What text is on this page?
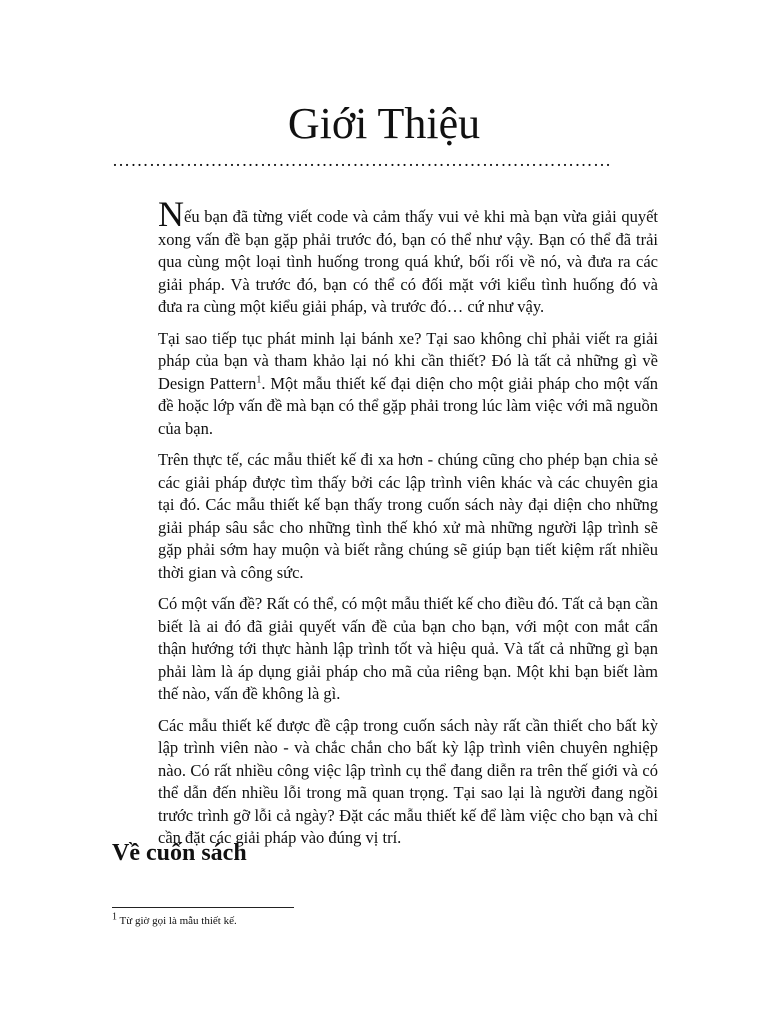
Giới Thiệu
………………………………………………………………………

Nếu bạn đã từng viết code và cảm thấy vui vẻ khi mà bạn vừa giải quyết xong vấn đề bạn gặp phải trước đó, bạn có thể như vậy. Bạn có thể đã trải qua cùng một loại tình huống trong quá khứ, bối rối về nó, và đưa ra các giải pháp. Và trước đó, bạn có thể có đối mặt với kiểu tình huống đó và đưa ra cùng một kiểu giải pháp, và trước đó… cứ như vậy.

Tại sao tiếp tục phát minh lại bánh xe? Tại sao không chỉ phải viết ra giải pháp của bạn và tham khảo lại nó khi cần thiết? Đó là tất cả những gì về Design Pattern$^1$. Một mẫu thiết kế đại diện cho một giải pháp cho một vấn đề hoặc lớp vấn đề mà bạn có thể gặp phải trong lúc làm việc với mã nguồn của bạn.

Trên thực tế, các mẫu thiết kế đi xa hơn - chúng cũng cho phép bạn chia sẻ các giải pháp được tìm thấy bởi các lập trình viên khác và các chuyên gia tại đó. Các mẫu thiết kế bạn thấy trong cuốn sách này đại diện cho những giải pháp sâu sắc cho những tình thế khó xử mà những người lập trình sẽ gặp phải sớm hay muộn và biết rằng chúng sẽ giúp bạn tiết kiệm rất nhiều thời gian và công sức.

Có một vấn đề? Rất có thể, có một mẫu thiết kế cho điều đó. Tất cả bạn cần biết là ai đó đã giải quyết vấn đề của bạn cho bạn, với một con mắt cẩn thận hướng tới thực hành lập trình tốt và hiệu quả. Và tất cả những gì bạn phải làm là áp dụng giải pháp cho mã của riêng bạn. Một khi bạn biết làm thế nào, vấn đề không là gì.

Các mẫu thiết kế được đề cập trong cuốn sách này rất cần thiết cho bất kỳ lập trình viên nào - và chắc chắn cho bất kỳ lập trình viên chuyên nghiệp nào. Có rất nhiều công việc lập trình cụ thể đang diễn ra trên thế giới và có thể dẫn đến nhiều lỗi trong mã quan trọng. Tại sao lại là người đang ngồi trước trình gỡ lỗi cả ngày? Đặt các mẫu thiết kế để làm việc cho bạn và chỉ cần đặt các giải pháp vào đúng vị trí.

Về cuốn sách

$^1$ Từ giờ gọi là mẫu thiết kế.
